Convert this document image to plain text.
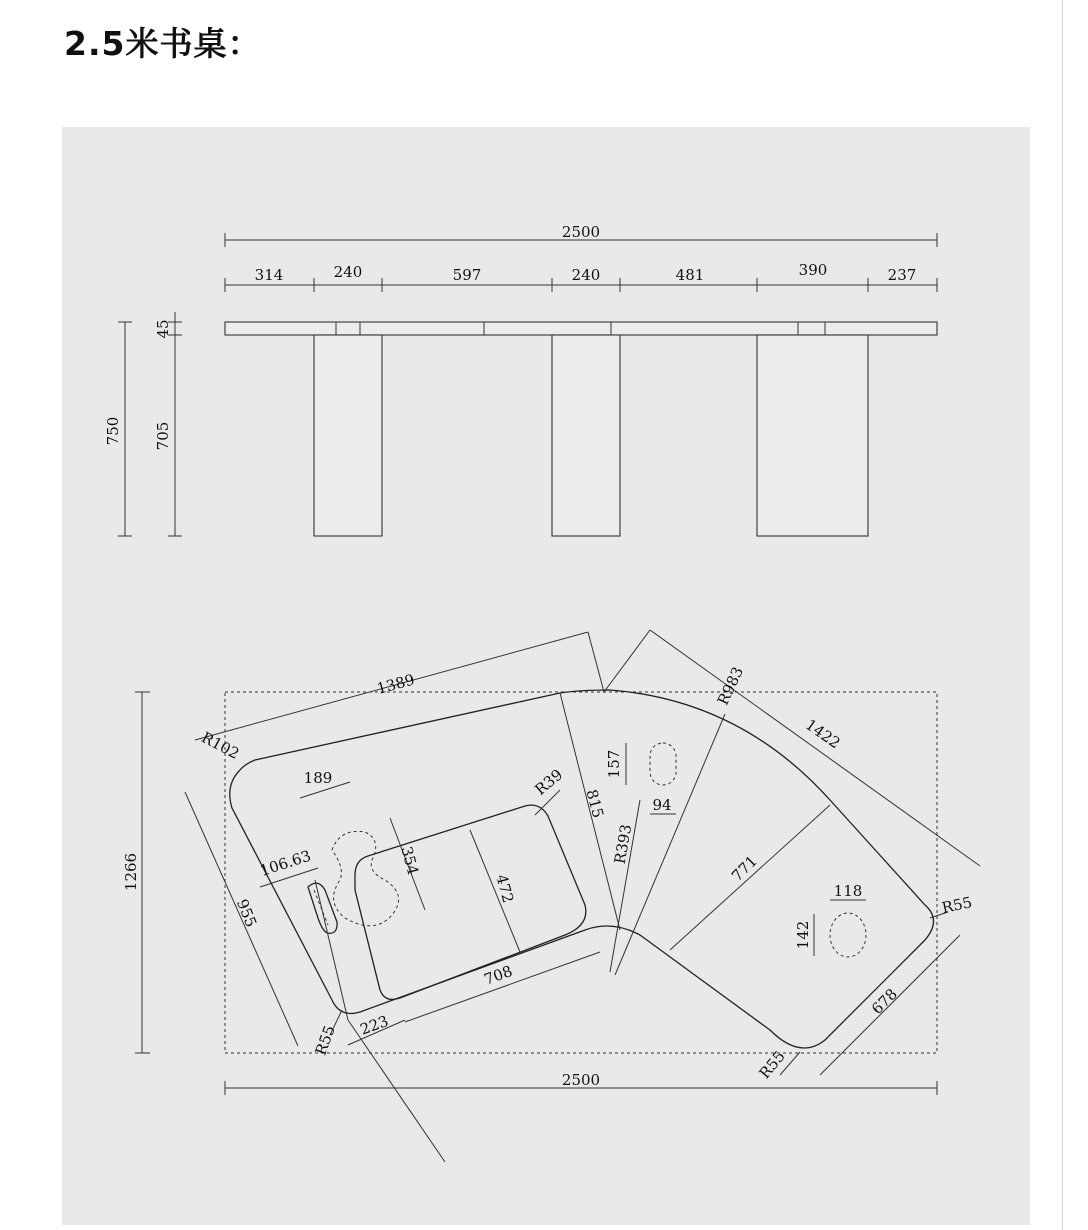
2.5米书桌：
2500
314	240	597	240	481	390	237
750
45
705
1389
1422
R983
R102
189	157
R39
815	94
R393
354
472
771
106.63
955
118
R55
142
708
678
223
R55
R55
1266
2500
